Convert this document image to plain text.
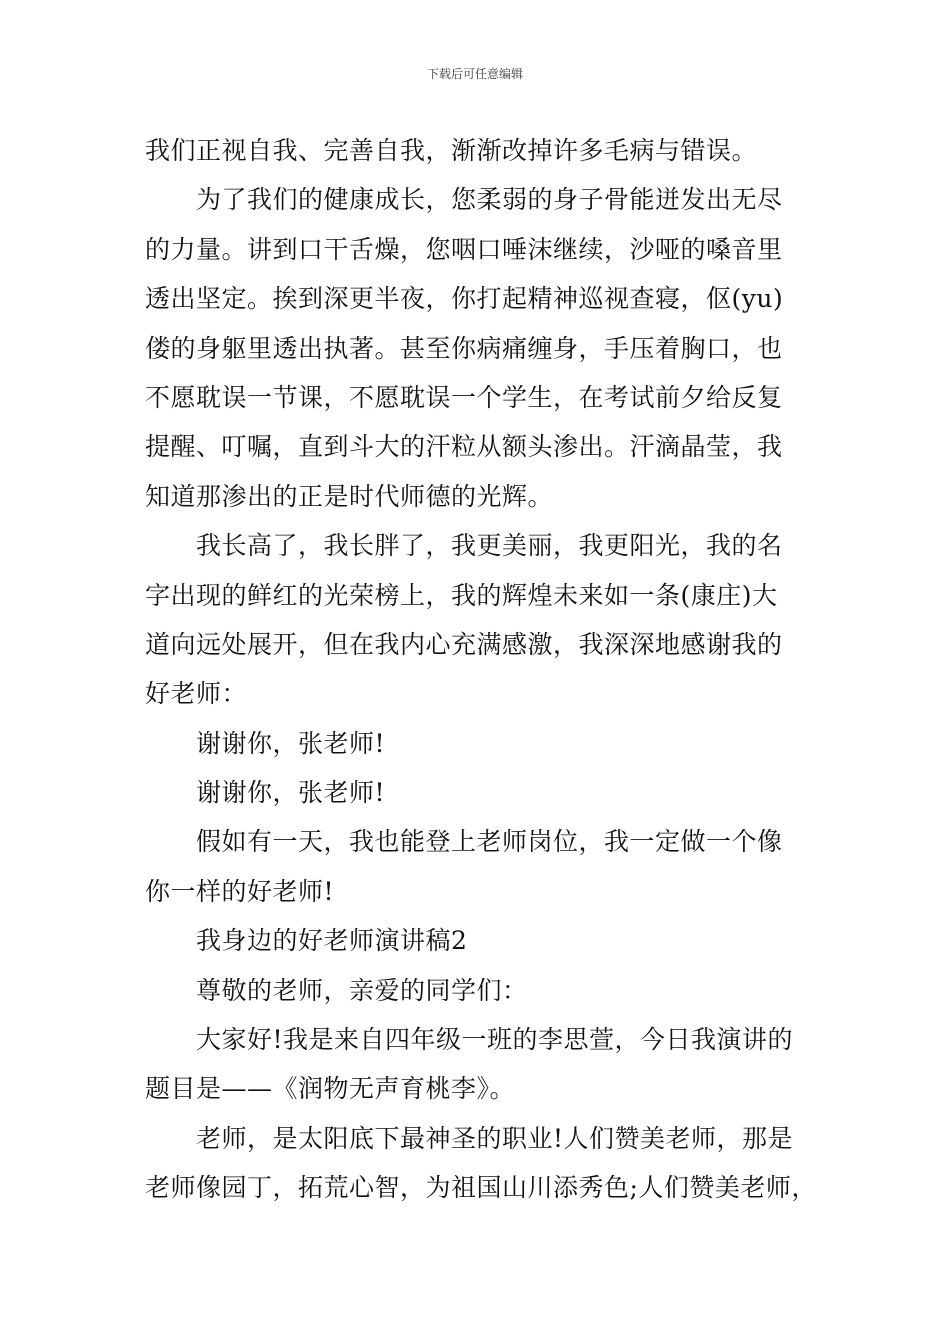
下载后可任意编辑
我们正视自我、完善自我，渐渐改掉许多毛病与错误。
为了我们的健康成长，您柔弱的身子骨能迸发出无尽
的力量。讲到口干舌燥，您咽口唾沫继续，沙哑的嗓音里
透出坚定。挨到深更半夜，你打起精神巡视查寝，伛(yu)
偻的身躯里透出执著。甚至你病痛缠身，手压着胸口，也
不愿耽误一节课，不愿耽误一个学生，在考试前夕给反复
提醒、叮嘱，直到斗大的汗粒从额头渗出。汗滴晶莹，我
知道那渗出的正是时代师德的光辉。
我长高了，我长胖了，我更美丽，我更阳光，我的名
字出现的鲜红的光荣榜上，我的辉煌未来如一条(康庄)大
道向远处展开，但在我内心充满感激，我深深地感谢我的
好老师：
谢谢你，张老师!
谢谢你，张老师!
假如有一天，我也能登上老师岗位，我一定做一个像
你一样的好老师!
我身边的好老师演讲稿2
尊敬的老师，亲爱的同学们：
大家好!我是来自四年级一班的李思萱，今日我演讲的
题目是——《润物无声育桃李》。
老师，是太阳底下最神圣的职业!人们赞美老师，那是
老师像园丁，拓荒心智，为祖国山川添秀色;人们赞美老师，
